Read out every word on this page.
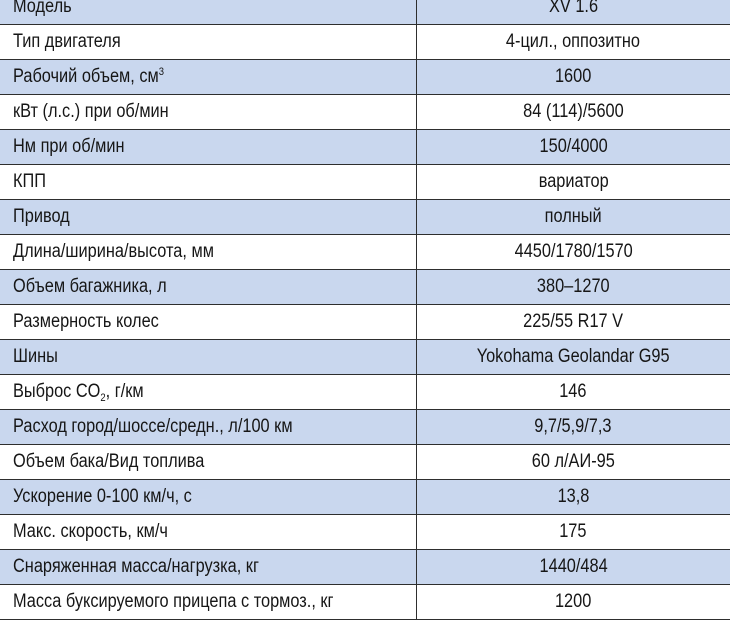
Модель	XV 1.6
Тип двигателя	4-цил., оппозитно
Рабочий объем, $см^3$	1600
кВт (л.с.) при об/мин	84 (114)/5600
Нм при об/мин	150/4000
КПП	вариатор
Привод	полный
Длина/ширина/высота, мм	4450/1780/1570
Объем багажника, л	380–1270
Размерность колес	225/55 R17 V
Шины	Yokohama Geolandar G95
Выброс $CO_2$, г/км	146
Расход город/шоссе/средн., л/100 км	9,7/5,9/7,3
Объем бака/Вид топлива	60 л/АИ-95
Ускорение 0-100 км/ч, с	13,8
Макс. скорость, км/ч	175
Снаряженная масса/нагрузка, кг	1440/484
Масса буксируемого прицепа с тормоз., кг	1200
